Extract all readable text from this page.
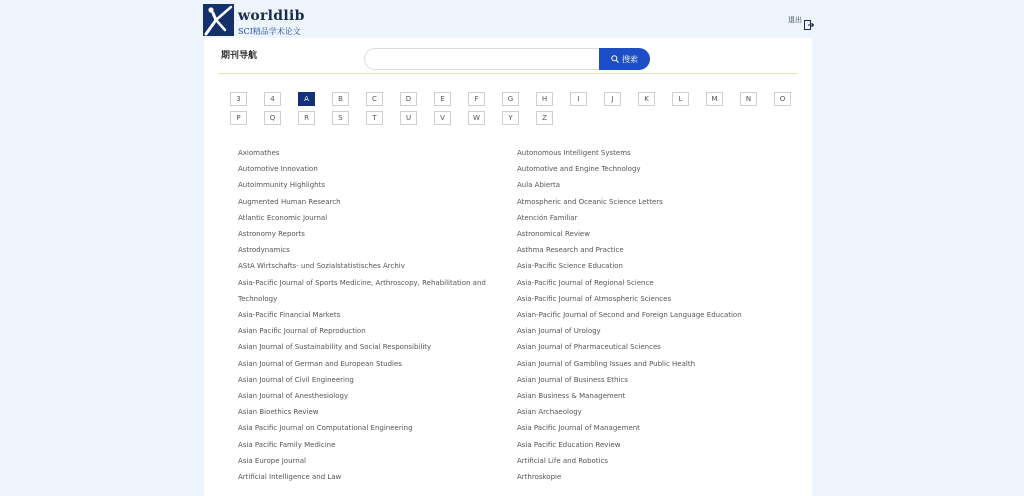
worldlib
SCI精品学术论文
退出
期刊导航	搜索
3	4	A	B	C	D	E	F	G	H	I	J	K	L	M	N	O
P	Q	R	S	T	U	V	W	Y	Z
Axiomathes
Automotive Innovation
Autoimmunity Highlights
Augmented Human Research
Atlantic Economic Journal
Astronomy Reports
Astrodynamics
AStA Wirtschafts- und Sozialstatistisches Archiv
Asia-Pacific Journal of Sports Medicine, Arthroscopy, Rehabilitation and
Technology
Asia-Pacific Financial Markets
Asian Pacific Journal of Reproduction
Asian Journal of Sustainability and Social Responsibility
Asian Journal of German and European Studies
Asian Journal of Civil Engineering
Asian Journal of Anesthesiology
Asian Bioethics Review
Asia Pacific Journal on Computational Engineering
Asia Pacific Family Medicine
Asia Europe Journal
Artificial Intelligence and Law
Autonomous Intelligent Systems
Automotive and Engine Technology
Aula Abierta
Atmospheric and Oceanic Science Letters
Atención Familiar
Astronomical Review
Asthma Research and Practice
Asia-Pacific Science Education
Asia-Pacific Journal of Regional Science
Asia-Pacific Journal of Atmospheric Sciences
Asian-Pacific Journal of Second and Foreign Language Education
Asian Journal of Urology
Asian Journal of Pharmaceutical Sciences
Asian Journal of Gambling Issues and Public Health
Asian Journal of Business Ethics
Asian Business & Management
Asian Archaeology
Asia Pacific Journal of Management
Asia Pacific Education Review
Artificial Life and Robotics
Arthroskopie
